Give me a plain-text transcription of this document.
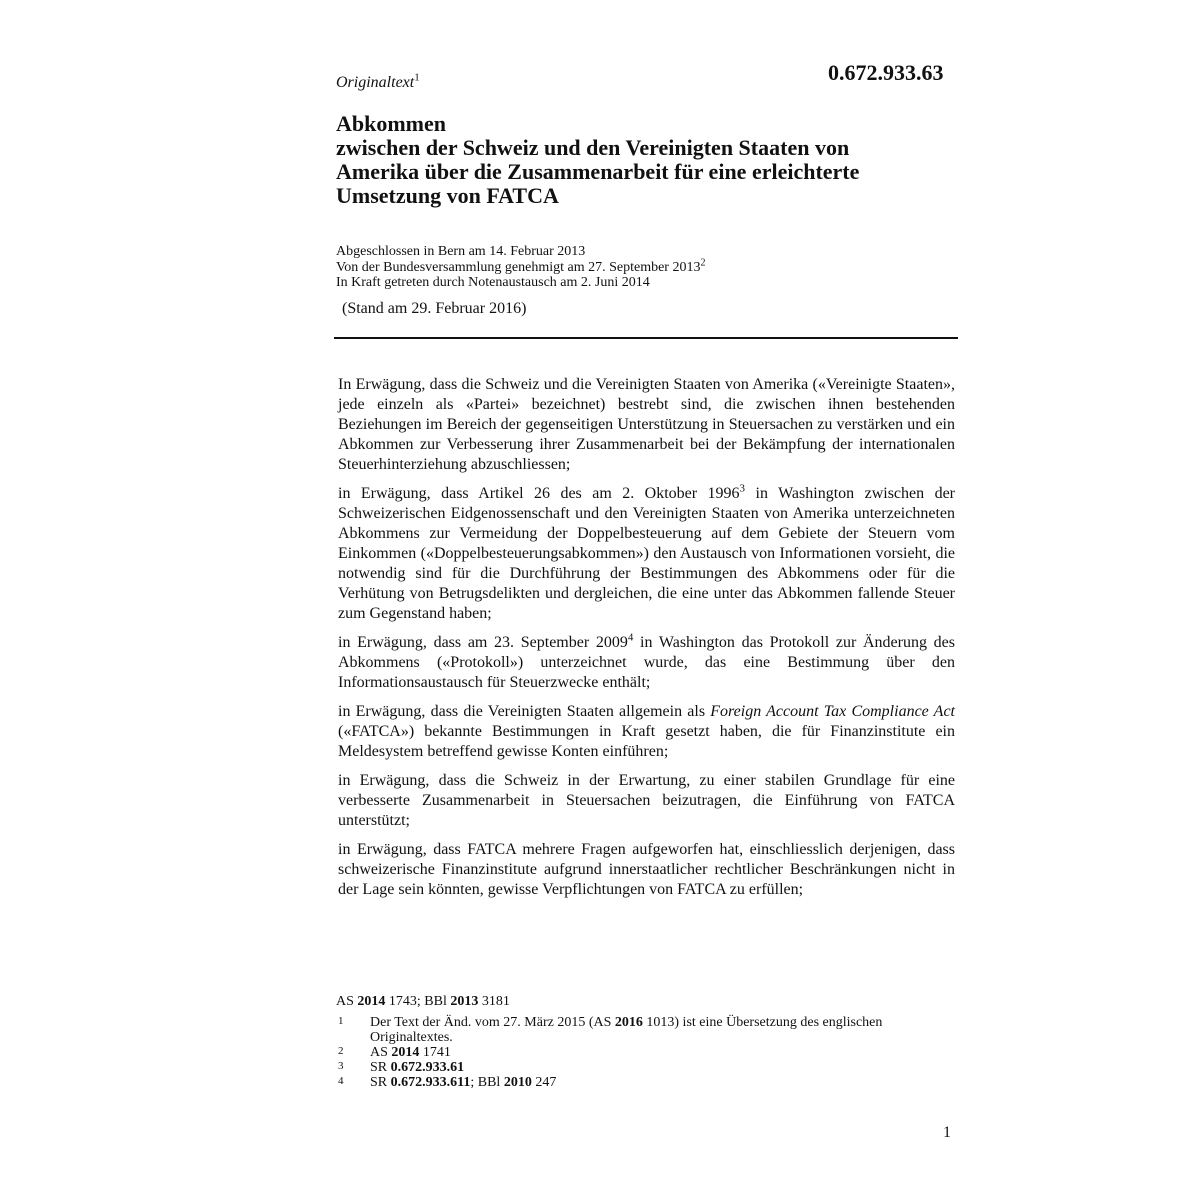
Originaltext$^1$	0.672.933.63
Abkommen
zwischen der Schweiz und den Vereinigten Staaten von
Amerika über die Zusammenarbeit für eine erleichterte
Umsetzung von FATCA
Abgeschlossen in Bern am 14. Februar 2013
Von der Bundesversammlung genehmigt am 27. September 2013$^2$
In Kraft getreten durch Notenaustausch am 2. Juni 2014
(Stand am 29. Februar 2016)

In Erwägung, dass die Schweiz und die Vereinigten Staaten von Amerika («Vereinigte Staaten», jede einzeln als «Partei» bezeichnet) bestrebt sind, die zwischen ihnen bestehenden Beziehungen im Bereich der gegenseitigen Unterstützung in Steuersachen zu verstärken und ein Abkommen zur Verbesserung ihrer Zusammenarbeit bei der Bekämpfung der internationalen Steuerhinterziehung abzuschliessen;

in Erwägung, dass Artikel 26 des am 2. Oktober 1996$^3$ in Washington zwischen der Schweizerischen Eidgenossenschaft und den Vereinigten Staaten von Amerika unterzeichneten Abkommens zur Vermeidung der Doppelbesteuerung auf dem Gebiete der Steuern vom Einkommen («Doppelbesteuerungsabkommen») den Austausch von Informationen vorsieht, die notwendig sind für die Durchführung der Bestimmungen des Abkommens oder für die Verhütung von Betrugsdelikten und dergleichen, die eine unter das Abkommen fallende Steuer zum Gegenstand haben;

in Erwägung, dass am 23. September 2009$^4$ in Washington das Protokoll zur Änderung des Abkommens («Protokoll») unterzeichnet wurde, das eine Bestimmung über den Informationsaustausch für Steuerzwecke enthält;

in Erwägung, dass die Vereinigten Staaten allgemein als Foreign Account Tax Compliance Act («FATCA») bekannte Bestimmungen in Kraft gesetzt haben, die für Finanzinstitute ein Meldesystem betreffend gewisse Konten einführen;

in Erwägung, dass die Schweiz in der Erwartung, zu einer stabilen Grundlage für eine verbesserte Zusammenarbeit in Steuersachen beizutragen, die Einführung von FATCA unterstützt;

in Erwägung, dass FATCA mehrere Fragen aufgeworfen hat, einschliesslich derjenigen, dass schweizerische Finanzinstitute aufgrund innerstaatlicher rechtlicher Beschränkungen nicht in der Lage sein könnten, gewisse Verpflichtungen von FATCA zu erfüllen;

AS 2014 1743; BBl 2013 3181
1	Der Text der Änd. vom 27. März 2015 (AS 2016 1013) ist eine Übersetzung des englischen Originaltextes.
2	AS 2014 1741
3	SR 0.672.933.61
4	SR 0.672.933.611; BBl 2010 247
1
